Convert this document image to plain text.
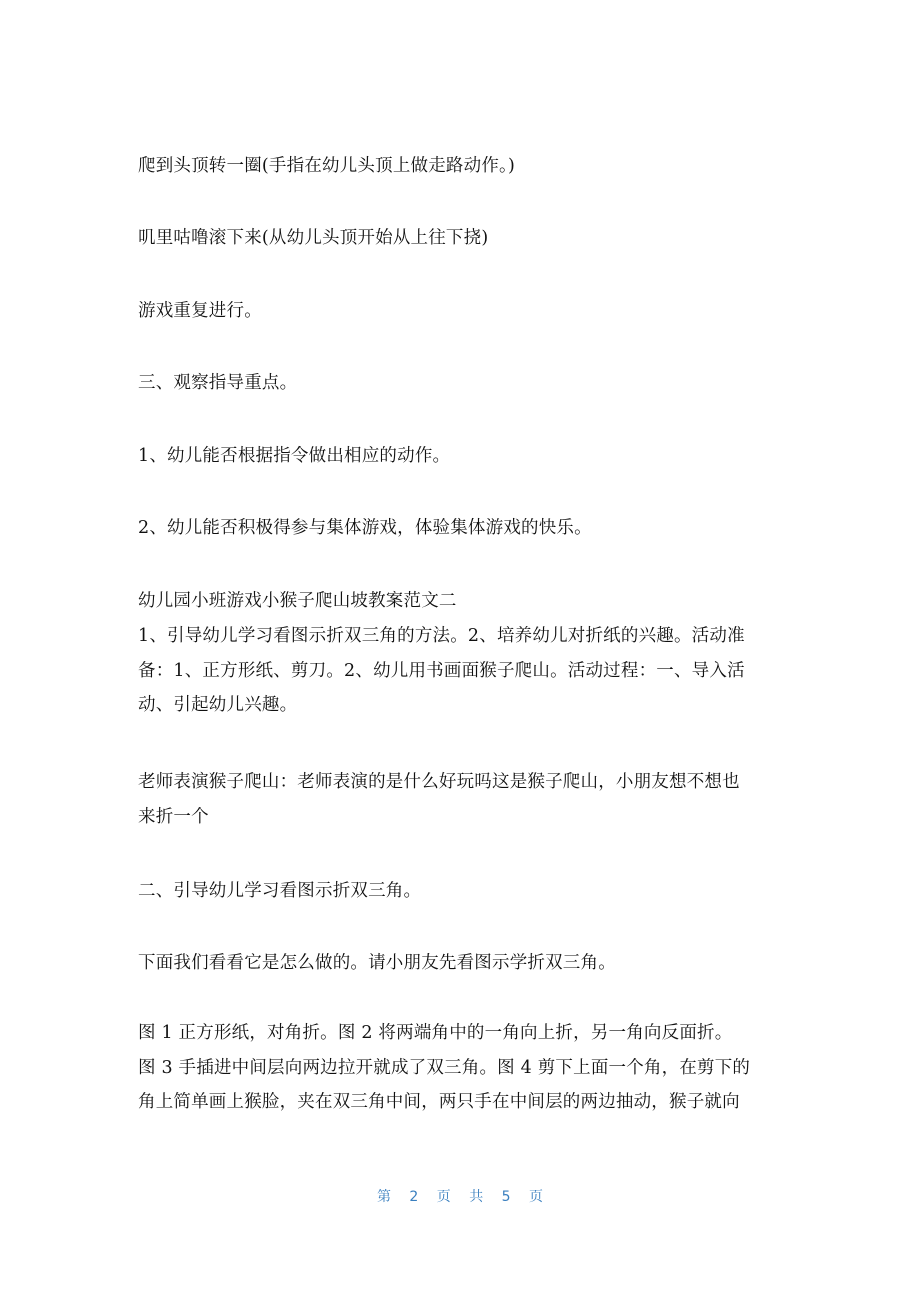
爬到头顶转一圈(手指在幼儿头顶上做走路动作。)
叽里咕噜滚下来(从幼儿头顶开始从上往下挠)
游戏重复进行。
三、观察指导重点。
1、幼儿能否根据指令做出相应的动作。
2、幼儿能否积极得参与集体游戏，体验集体游戏的快乐。
幼儿园小班游戏小猴子爬山坡教案范文二
1、引导幼儿学习看图示折双三角的方法。2、培养幼儿对折纸的兴趣。活动准
备：1、正方形纸、剪刀。2、幼儿用书画面猴子爬山。活动过程：一、导入活
动、引起幼儿兴趣。
老师表演猴子爬山：老师表演的是什么好玩吗这是猴子爬山，小朋友想不想也
来折一个
二、引导幼儿学习看图示折双三角。
下面我们看看它是怎么做的。请小朋友先看图示学折双三角。
图 1 正方形纸，对角折。图 2 将两端角中的一角向上折，另一角向反面折。
图 3 手插进中间层向两边拉开就成了双三角。图 4 剪下上面一个角，在剪下的
角上简单画上猴脸，夹在双三角中间，两只手在中间层的两边抽动，猴子就向
第 2 页 共 5 页
